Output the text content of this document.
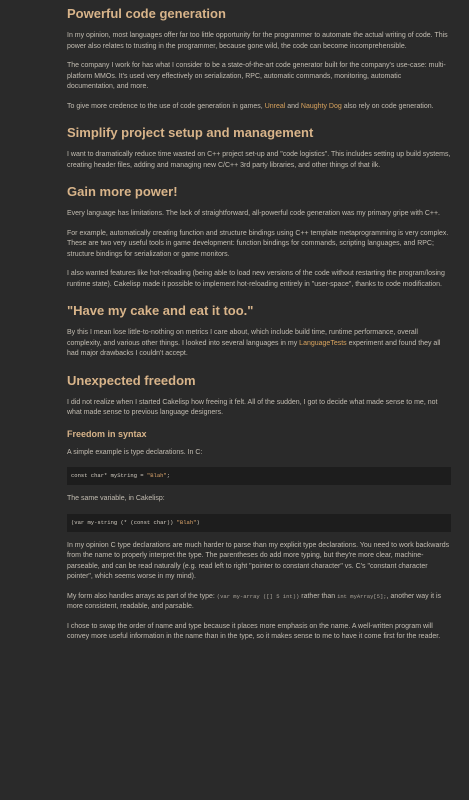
Powerful code generation

In my opinion, most languages offer far too little opportunity for the programmer to automate the actual writing of code. This power also relates to trusting in the programmer, because gone wild, the code can become incomprehensible.

The company I work for has what I consider to be a state-of-the-art code generator built for the company's use-case: multi-platform MMOs. It's used very effectively on serialization, RPC, automatic commands, monitoring, automatic documentation, and more.

To give more credence to the use of code generation in games, Unreal and Naughty Dog also rely on code generation.

Simplify project setup and management

I want to dramatically reduce time wasted on C++ project set-up and "code logistics". This includes setting up build systems, creating header files, adding and managing new C/C++ 3rd party libraries, and other things of that ilk.

Gain more power!

Every language has limitations. The lack of straightforward, all-powerful code generation was my primary gripe with C++.

For example, automatically creating function and structure bindings using C++ template metaprogramming is very complex. These are two very useful tools in game development: function bindings for commands, scripting languages, and RPC; structure bindings for serialization or game monitors.

I also wanted features like hot-reloading (being able to load new versions of the code without restarting the program/losing runtime state). Cakelisp made it possible to implement hot-reloading entirely in "user-space", thanks to code modification.

"Have my cake and eat it too."

By this I mean lose little-to-nothing on metrics I care about, which include build time, runtime performance, overall complexity, and various other things. I looked into several languages in my LanguageTests experiment and found they all had major drawbacks I couldn't accept.

Unexpected freedom

I did not realize when I started Cakelisp how freeing it felt. All of the sudden, I got to decide what made sense to me, not what made sense to previous language designers.

Freedom in syntax

A simple example is type declarations. In C:

const char* myString = "Blah";

The same variable, in Cakelisp:

(var my-string (* (const char)) "Blah")

In my opinion C type declarations are much harder to parse than my explicit type declarations. You need to work backwards from the name to properly interpret the type. The parentheses do add more typing, but they're more clear, machine-parseable, and can be read naturally (e.g. read left to right "pointer to constant character" vs. C's "constant character pointer", which seems worse in my mind).

My form also handles arrays as part of the type: (var my-array ([] 5 int)) rather than int myArray[5];, another way it is more consistent, readable, and parsable.

I chose to swap the order of name and type because it places more emphasis on the name. A well-written program will convey more useful information in the name than in the type, so it makes sense to me to have it come first for the reader.
